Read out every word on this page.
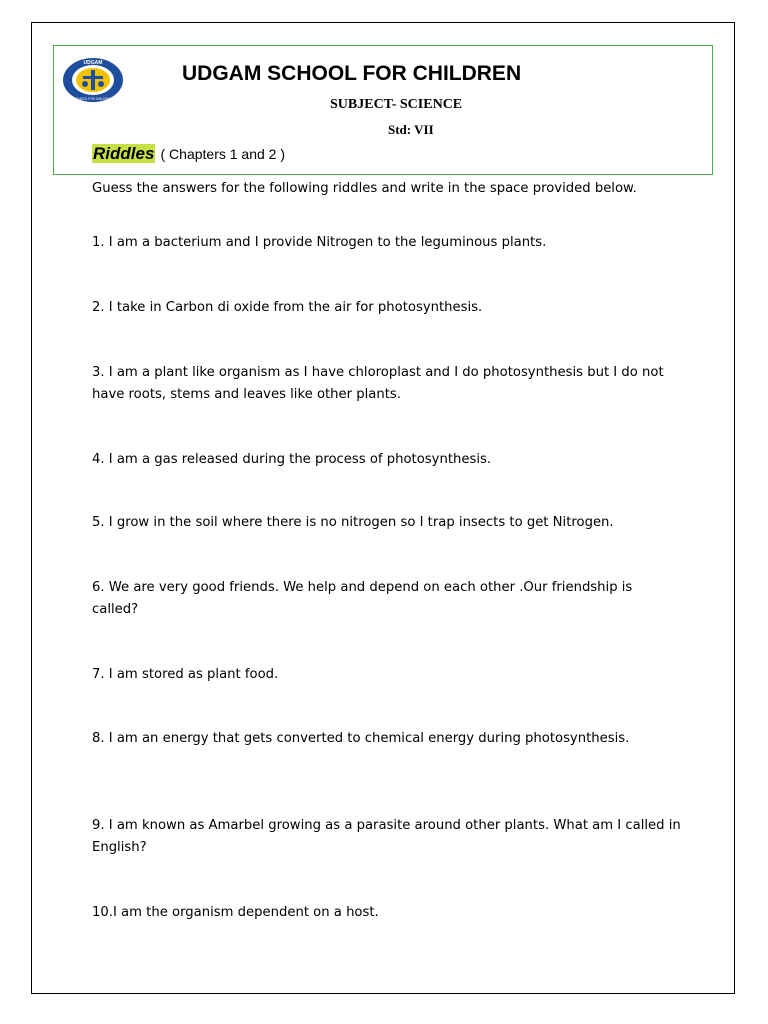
UDGAM
SCHOOL FOR CHILDREN
UDGAM SCHOOL FOR CHILDREN
SUBJECT- SCIENCE
Std: VII
Riddles ( Chapters 1 and 2 )
Guess the answers for the following riddles and write in the space provided below.
1. I am a bacterium and I provide Nitrogen to the leguminous plants.
2. I take in Carbon di oxide from the air for photosynthesis.
3. I am a plant like organism as I have chloroplast and I do photosynthesis but I do not have roots, stems and leaves like other plants.
4. I am a gas released during the process of photosynthesis.
5. I grow in the soil where there is no nitrogen so I trap insects to get Nitrogen.
6. We are very good friends. We help and depend on each other .Our friendship is called?
7. I am stored as plant food.
8. I am an energy that gets converted to chemical energy during photosynthesis.
9. I am known as Amarbel growing as a parasite around other plants. What am I called in English?
10.I am the organism dependent on a host.
